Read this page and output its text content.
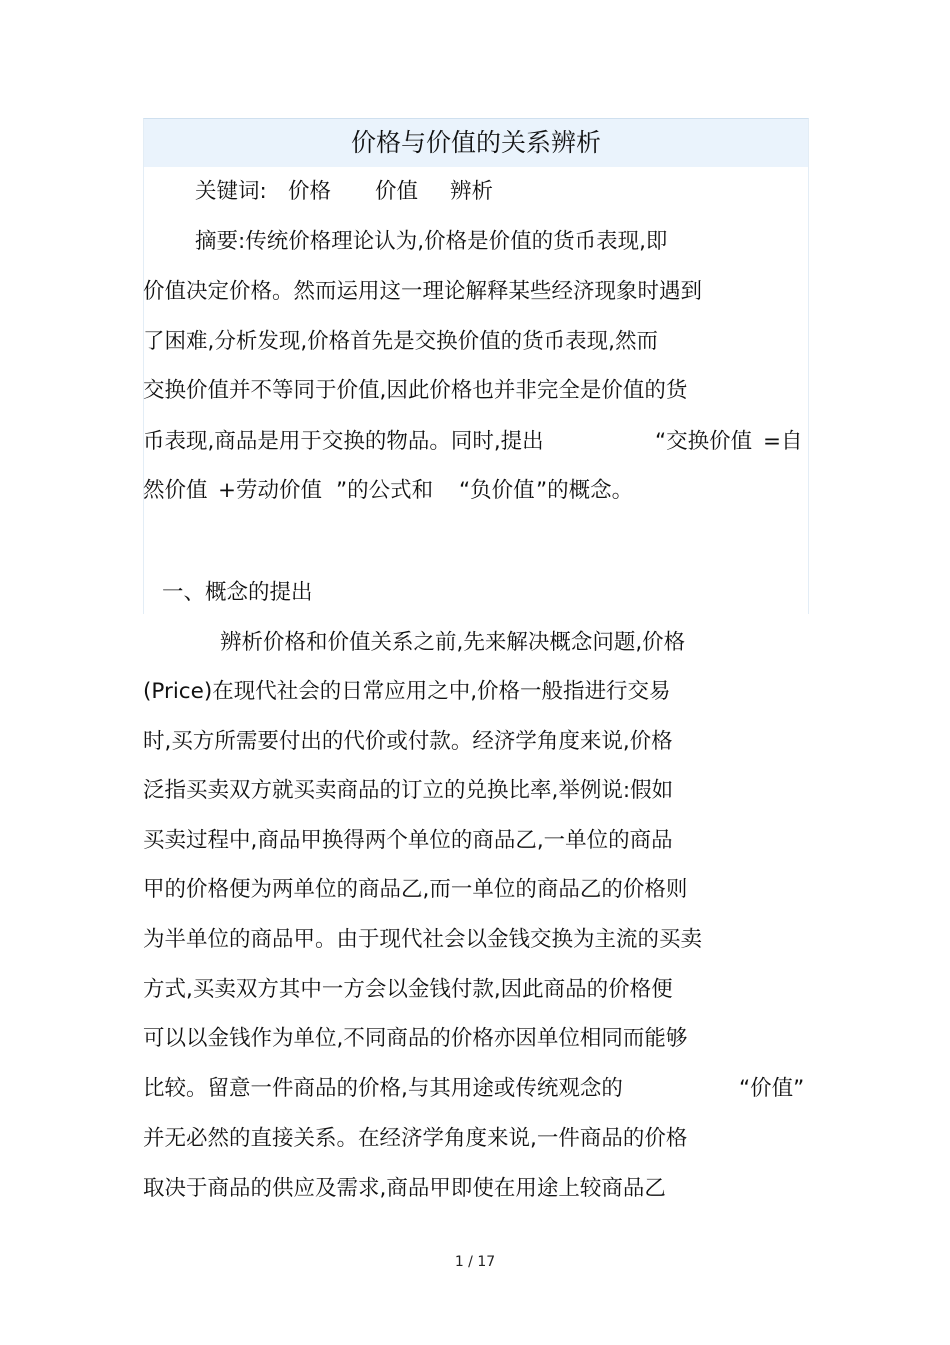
价格与价值的关系辨析
关键词: 价格 价值 辨析
摘要:传统价格理论认为,价格是价值的货币表现,即
价值决定价格。然而运用这一理论解释某些经济现象时遇到
了困难,分析发现,价格首先是交换价值的货币表现,然而
交换价值并不等同于价值,因此价格也并非完全是价值的货
币表现,商品是用于交换的物品。同时,提出	“交换价值 =自
然价值 +劳动价值 ”的公式和 “负价值 ”的概念。
一、概念的提出
辨析价格和价值关系之前,先来解决概念问题,价格
(Price)在现代社会的日常应用之中,价格一般指进行交易
时,买方所需要付出的代价或付款。经济学角度来说,价格
泛指买卖双方就买卖商品的订立的兑换比率,举例说:假如
买卖过程中,商品甲换得两个单位的商品乙,一单位的商品
甲的价格便为两单位的商品乙,而一单位的商品乙的价格则
为半单位的商品甲。由于现代社会以金钱交换为主流的买卖
方式,买卖双方其中一方会以金钱付款,因此商品的价格便
可以以金钱作为单位,不同商品的价格亦因单位相同而能够
比较。留意一件商品的价格,与其用途或传统观念的	“价值”
并无必然的直接关系。在经济学角度来说,一件商品的价格
取决于商品的供应及需求,商品甲即使在用途上较商品乙
1 / 17
